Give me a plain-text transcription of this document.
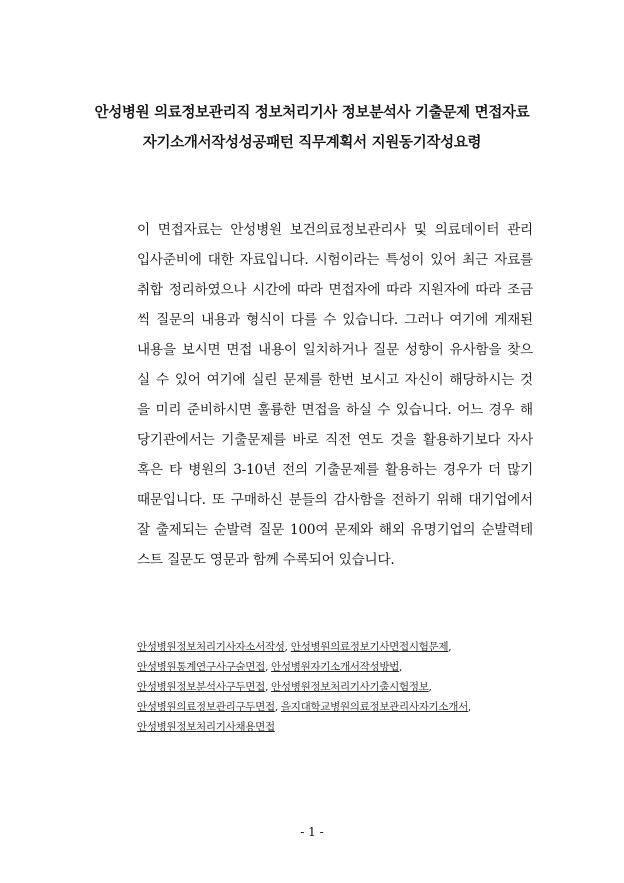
안성병원 의료정보관리직 정보처리기사 정보분석사 기출문제 면접자료
자기소개서작성성공패턴 직무계획서 지원동기작성요령
이 면접자료는 안성병원 보건의료정보관리사 및 의료데이터 관리
입사준비에 대한 자료입니다. 시험이라는 특성이 있어 최근 자료를
취합 정리하였으나 시간에 따라 면접자에 따라 지원자에 따라 조금
씩 질문의 내용과 형식이 다를 수 있습니다. 그러나 여기에 게재된
내용을 보시면 면접 내용이 일치하거나 질문 성향이 유사함을 찾으
실 수 있어 여기에 실린 문제를 한번 보시고 자신이 해당하시는 것
을 미리 준비하시면 훌륭한 면접을 하실 수 있습니다. 어느 경우 해
당기관에서는 기출문제를 바로 직전 연도 것을 활용하기보다 자사
혹은 타 병원의 3-10년 전의 기출문제를 활용하는 경우가 더 많기
때문입니다. 또 구매하신 분들의 감사함을 전하기 위해 대기업에서
잘 출제되는 순발력 질문 100여 문제와 해외 유명기업의 순발력테
스트 질문도 영문과 함께 수록되어 있습니다.
안성병원정보처리기사자소서작성, 안성병원의료정보기사면접시험문제, 안성병원통계연구사구술면접, 안성병원자기소개서작성방법, 안성병원정보분석사구두면접, 안성병원정보처리기사기출시험정보, 안성병원의료정보관리구두면접, 을지대학교병원의료정보관리사자기소개서, 안성병원정보처리기사채용면접
- 1 -
